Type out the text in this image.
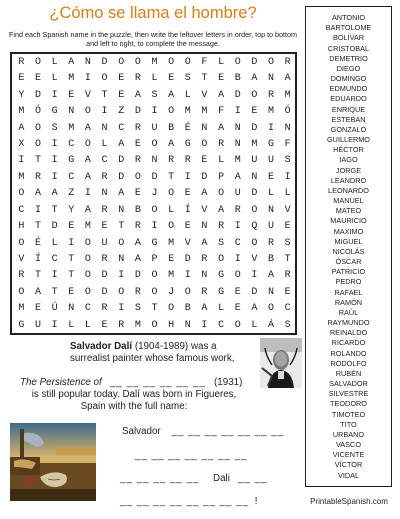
¿Cómo se llama el hombre?
Find each Spanish name in the puzzle, then write the leftover letters in order, top to bottom and left to right, to complete the message.
R	O	L	A	N	D	O	O	M	O	O	F	L	O	D	O	R
E	E	L	M	I	O	E	R	L	E	S	T	E	B	A	N	A
Y	D	I	E	V	T	E	A	S	A	L	V	A	D	O	R	M
M	Ó	G	N	O	I	Z	D	I	O	M	M	F	I	E	M	Ó
A	O	S	M	A	N	C	R	U	B	É	N	A	N	D	I	N
X	O	I	C	O	L	A	E	O	A	G	O	R	N	M	G	F
I	T	I	G	A	C	D	R	N	R	R	E	L	M	U	U	S
M	R	I	C	A	R	D	O	D	T	I	D	P	A	N	E	I
O	A	A	Z	I	N	A	E	J	O	E	A	O	U	D	L	L
C	I	T	Y	A	R	N	B	O	L	Í	V	A	R	O	N	V
H	T	D	E	M	E	T	R	I	O	E	N	R	I	Q	U	E
O	É	L	I	O	U	O	A	G	M	V	A	S	C	O	R	S
V	Í	C	T	O	R	N	A	P	E	D	R	O	I	V	B	T
R	T	I	T	O	D	I	D	O	M	I	N	G	O	I	A	R
O	A	T	E	O	D	O	R	O	J	O	R	G	E	D	N	E
M	E	Ú	N	C	R	I	S	T	O	B	A	L	E	A	O	C
G	U	I	L	L	E	R	M	O	H	N	I	C	O	L	Á	S
ANTONIO
BARTOLOME
BOLÍVAR
CRISTOBAL
DEMETRIO
DIEGO
DOMINGO
EDMUNDO
EDUARDO
ENRIQUE
ESTEBAN
GONZALO
GUILLERMO
HÉCTOR
IAGO
JORGE
LEANDRO
LEONARDO
MANUEL
MATEO
MAURICIO
MAXIMO
MIGUEL
NICOLÁS
ÓSCAR
PATRICIO
PEDRO
RAFAEL
RAMÓN
RAÚL
RAYMUNDO
REINALDO
RICARDO
ROLANDO
RODOLFO
RUBÉN
SALVADOR
SILVESTRE
TEODORO
TIMOTEO
TITO
URBANO
VASCO
VICENTE
VÍCTOR
VIDAL
Salvador Dalí (1904-1989) was a
surrealist painter whose famous work,
The Persistence of __ __ __ __ __ __ (1931)
is still popular today. Dalí was born in Figueres,
Spain with the full name:
Salvador __ __ __ __ __ __ __
__ __ __ __ __ __ __
__ __ __ __ __ Dali __ __
__ __ __ __ __ __ __ __ !	PrintableSpanish.com
